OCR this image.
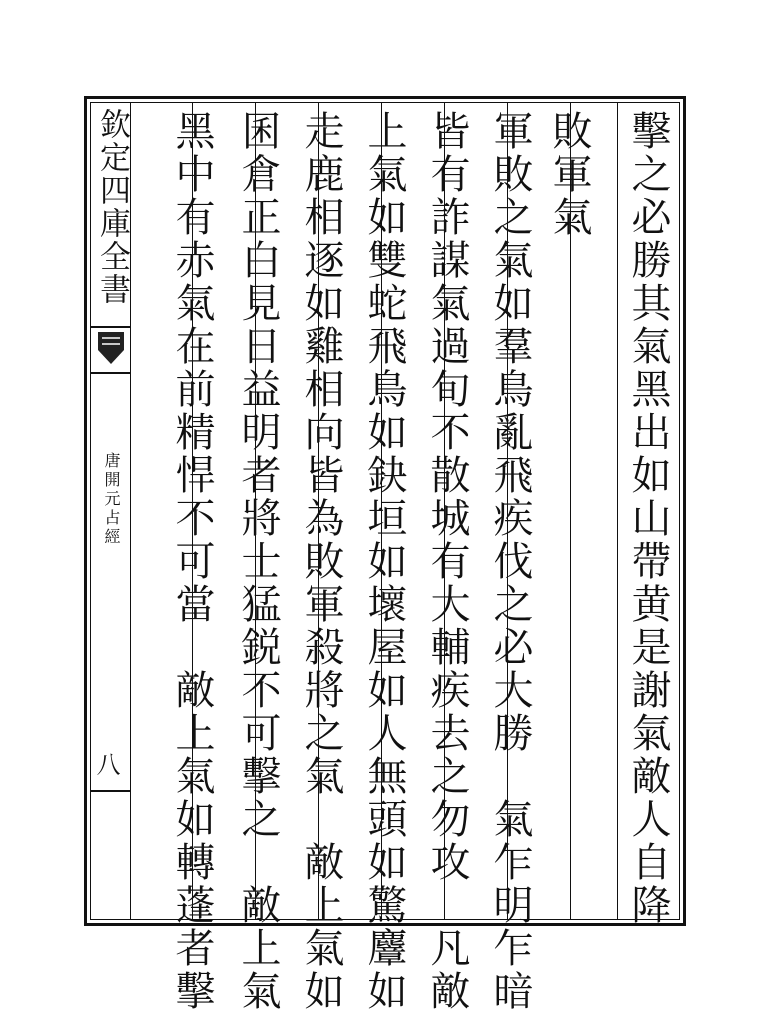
欽定四庫全書
唐開元占經
八	擊之必勝其氣黑出如山帶黄是謝氣敵人自降
敗軍氣
軍敗之氣如羣鳥亂飛疾伐之必大勝　氣乍明乍暗
皆有詐謀氣過旬不散城有大輔疾去之勿攻　凡敵
上氣如雙蛇飛鳥如鈌垣如壞屋如人無頭如驚麞如
走鹿相逐如雞相向皆為敗軍殺將之氣　敵上氣如
囷倉正白見日益明者將士猛鋭不可擊之　敵上氣
黑中有赤氣在前精悍不可當　敵上氣如轉蓬者擊
